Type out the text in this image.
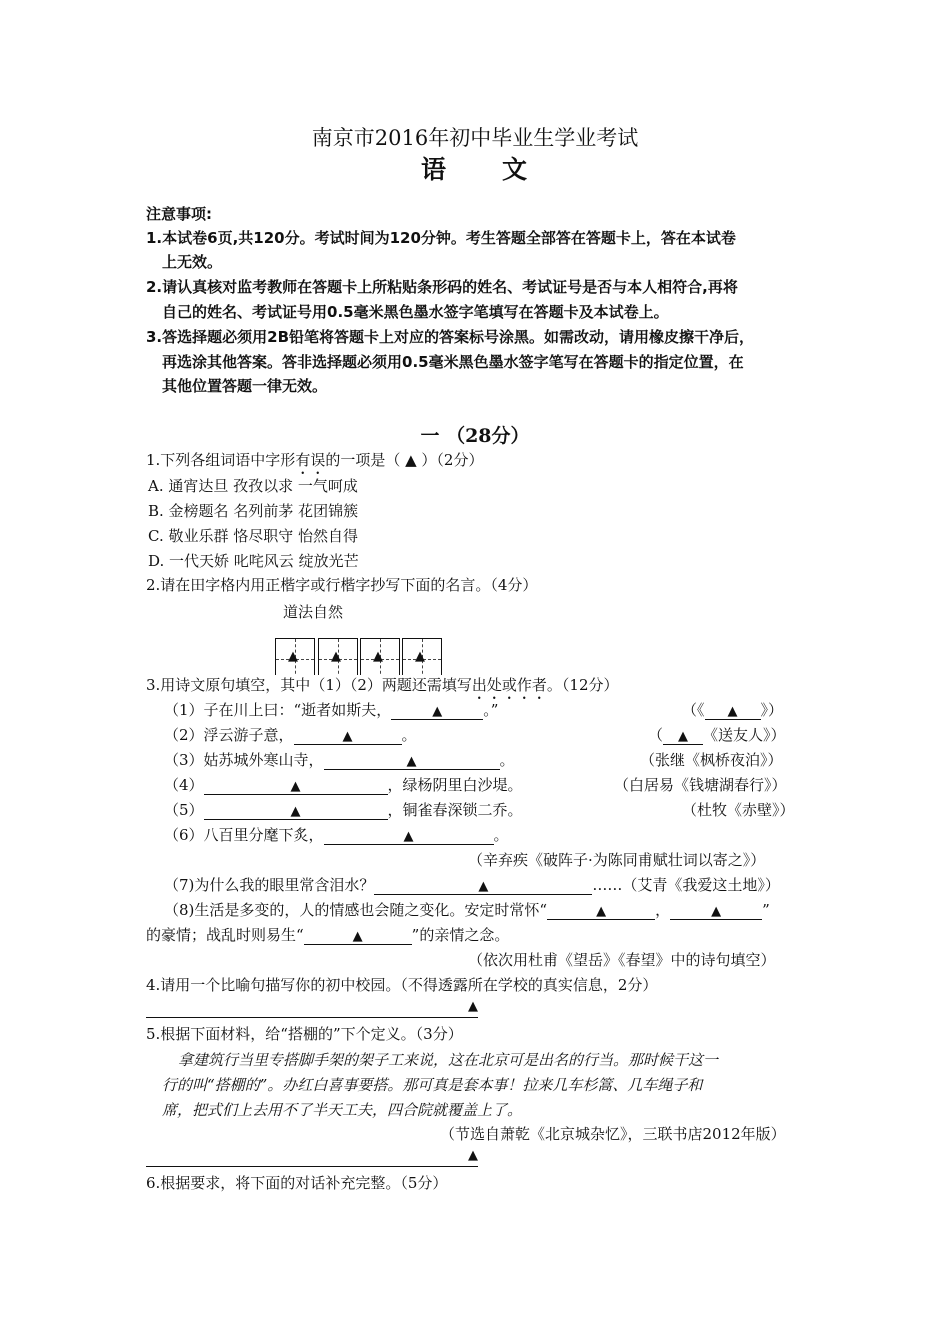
南京市2016年初中毕业生学业考试
语　　文
注意事项:
1.本试卷6页,共120分。考试时间为120分钟。考生答题全部答在答题卡上，答在本试卷
上无效。
2.请认真核对监考教师在答题卡上所粘贴条形码的姓名、考试证号是否与本人相符合,再将
自己的姓名、考试证号用0.5毫米黑色墨水签字笔填写在答题卡及本试卷上。
3.答选择题必须用2B铅笔将答题卡上对应的答案标号涂黑。如需改动，请用橡皮擦干净后，
再选涂其他答案。答非选择题必须用0.5毫米黑色墨水签字笔写在答题卡的指定位置，在
其他位置答题一律无效。
一 （28分）
1.下列各组词语中字形有误的一项是（ ▲ ）（2分）
A. 通宵达旦 孜孜以求 一气呵成
B. 金榜题名 名列前茅 花团锦簇
C. 敬业乐群 恪尽职守 怡然自得
D. 一代天娇 叱咤风云 绽放光芒
2.请在田字格内用正楷字或行楷字抄写下面的名言。（4分）
道法自然
▲	▲ ▲ ▲
3.用诗文原句填空，其中（1）（2）两题还需填写出处或作者。（12分）
（1）子在川上曰：“逝者如斯夫，	▲	。”	（《 ▲ 》）
（2）浮云游子意，	▲	。	（ ▲ 《送友人》）
（3）姑苏城外寒山寺，	▲	。	（张继《枫桥夜泊》）
（4）	▲	，绿杨阴里白沙堤。	（白居易《钱塘湖春行》）
（5）	▲	，铜雀春深锁二乔。	（杜牧《赤壁》）
（6）八百里分麾下炙，	▲	。
（辛弃疾《破阵子·为陈同甫赋壮词以寄之》）
（7)为什么我的眼里常含泪水？	▲	……（艾青《我爱这土地》）
（8)生活是多变的，人的情感也会随之变化。安定时常怀“	▲	，	▲	”
的豪情；战乱时则易生“	▲	”的亲情之念。
（依次用杜甫《望岳》《春望》中的诗句填空）
4.请用一个比喻句描写你的初中校园。（不得透露所在学校的真实信息，2分）
▲
5.根据下面材料，给“搭棚的”下个定义。（3分）
拿建筑行当里专搭脚手架的架子工来说，这在北京可是出名的行当。那时候干这一
行的叫“搭棚的”。办红白喜事要搭。那可真是套本事！拉来几车杉篙、几车绳子和
席，把式们上去用不了半天工夫，四合院就覆盖上了。
（节选自萧乾《北京城杂忆》，三联书店2012年版）
▲
6.根据要求，将下面的对话补充完整。（5分）
